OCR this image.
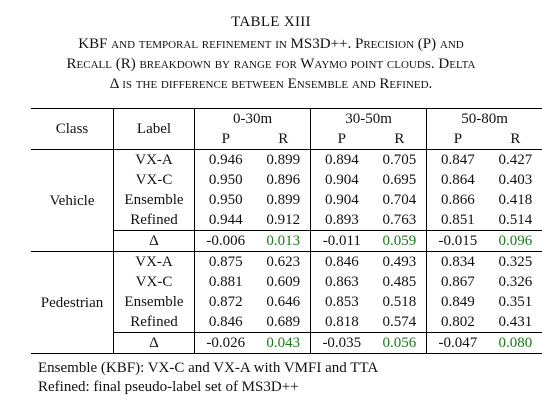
TABLE XIII
KBF and temporal refinement in MS3D++. Precision (P) and
Recall (R) breakdown by range for Waymo point clouds. Delta
Δ is the difference between Ensemble and Refined.
Class	Label	0-30m		30-50m		50-80m	
		P	R	P	R	P	R
Vehicle	VX-A	0.946	0.899	0.894	0.705	0.847	0.427
	VX-C	0.950	0.896	0.904	0.695	0.864	0.403
	Ensemble	0.950	0.899	0.904	0.704	0.866	0.418
	Refined	0.944	0.912	0.893	0.763	0.851	0.514
	Δ	-0.006	0.013	-0.011	0.059	-0.015	0.096
Pedestrian	VX-A	0.875	0.623	0.846	0.493	0.834	0.325
	VX-C	0.881	0.609	0.863	0.485	0.867	0.326
	Ensemble	0.872	0.646	0.853	0.518	0.849	0.351
	Refined	0.846	0.689	0.818	0.574	0.802	0.431
	Δ	-0.026	0.043	-0.035	0.056	-0.047	0.080
Ensemble (KBF): VX-C and VX-A with VMFI and TTA
Refined: final pseudo-label set of MS3D++
